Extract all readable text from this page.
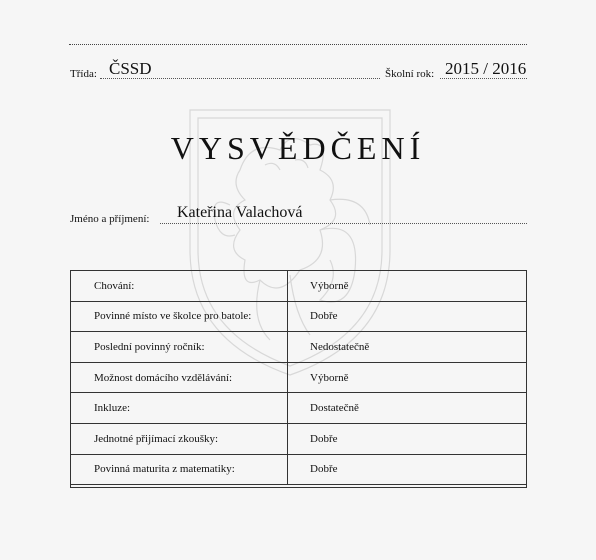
Třída: ČSSD	Školní rok: 2015 / 2016
VYSVĚDČENÍ
Jméno a příjmení: Kateřina Valachová
Chování:	Výborně
Povinné místo ve školce pro batole:	Dobře
Poslední povinný ročník:	Nedostatečně
Možnost domácího vzdělávání:	Výborně
Inkluze:	Dostatečně
Jednotné přijímací zkoušky:	Dobře
Povinná maturita z matematiky:	Dobře
